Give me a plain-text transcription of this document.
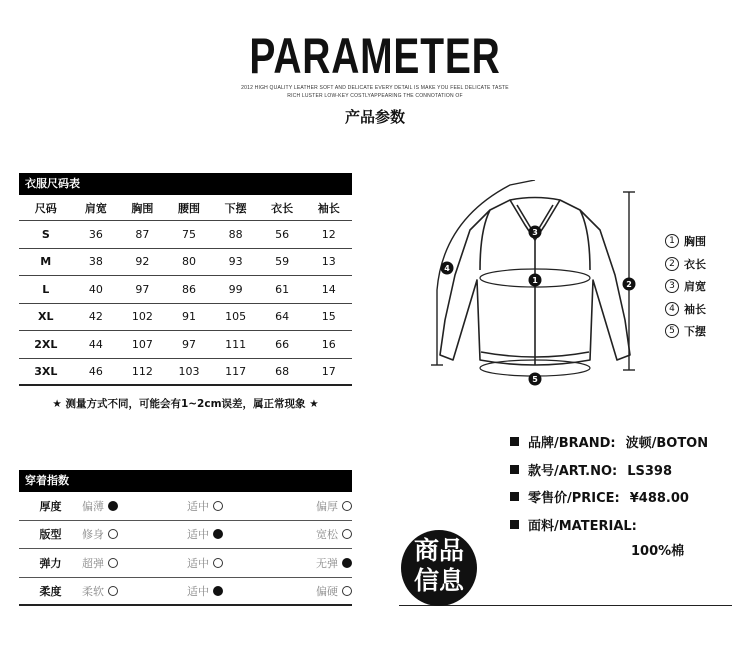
PARAMETER
2012 HIGH QUALITY LEATHER SOFT AND DELICATE EVERY DETAIL IS MAKE YOU FEEL DELICATE TASTE
RICH LUSTER LOW-KEY COSTLYAPPEARING THE CONNOTATION OF
产品参数
衣服尺码表
尺码	肩宽	胸围	腰围	下摆	衣长	袖长
S	36	87	75	88	56	12
M	38	92	80	93	59	13
L	40	97	86	99	61	14
XL	42	102	91	105	64	15
2XL	44	107	97	111	66	16
3XL	46	112	103	117	68	17
★ 测量方式不同，可能会有1~2cm误差，属正常现象 ★
1	2
3
4
5
1 胸围
2 衣长
3 肩宽
4 袖长
5 下摆
穿着指数
厚度	偏薄	适中	偏厚
版型	修身	适中	宽松
弹力	超弹	适中	无弹
柔度	柔软	适中	偏硬
品牌/BRAND: 波顿/BOTON
款号/ART.NO: LS398
零售价/PRICE: ¥488.00
面料/MATERIAL:
100%棉
商品
信息
